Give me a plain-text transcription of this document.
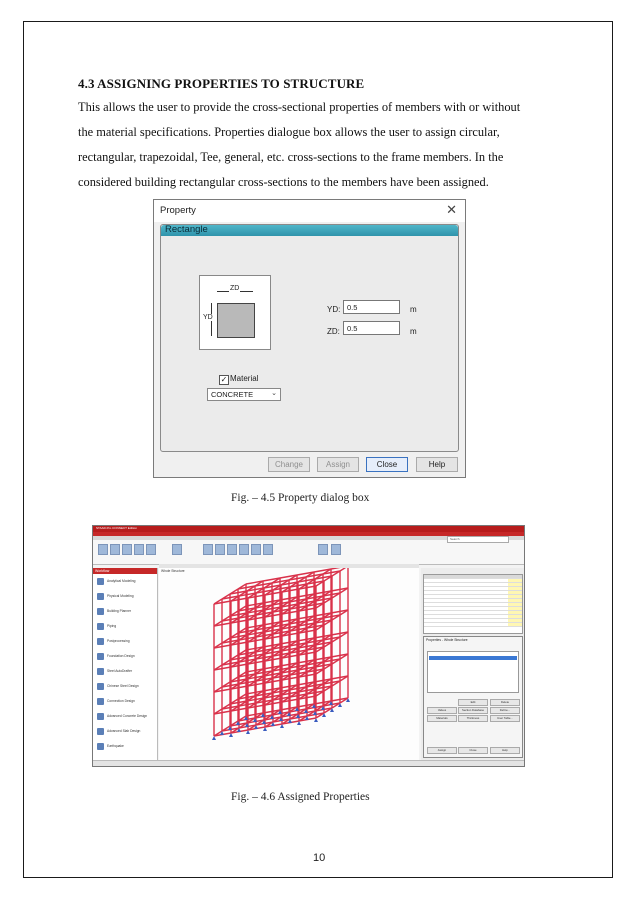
4.3 ASSIGNING PROPERTIES TO STRUCTURE

This allows the user to provide the cross-sectional properties of members with or without

the material specifications. Properties dialogue box allows the user to assign circular,

rectangular, trapezoidal, Tee, general, etc. cross-sections to the frame members. In the

considered building rectangular cross-sections to the members have been assigned.

Property	✕
Rectangle
ZD
YD
YD: 0.5	m
ZD: 0.5	m
✓ Material
CONCRETE	⌄
Change	Assign	Close	Help
Fig. – 4.5 Property dialog box
STAAD.Pro CONNECT Edition
Search
Workflow
Analytical Modeling
Physical Modeling
Building Planner
Piping
Postprocessing
Foundation Design
Steel AutoDrafter
Chinese Steel Design
Connection Design
Advanced Concrete Design
Advanced Slab Design
Earthquake
Whole Structure
Properties - Whole Structure
Edit	Delete
Values	Section Database	Define...
Materials	Thickness	User Table...
Assign	Close	Help
Fig. – 4.6 Assigned Properties
10
